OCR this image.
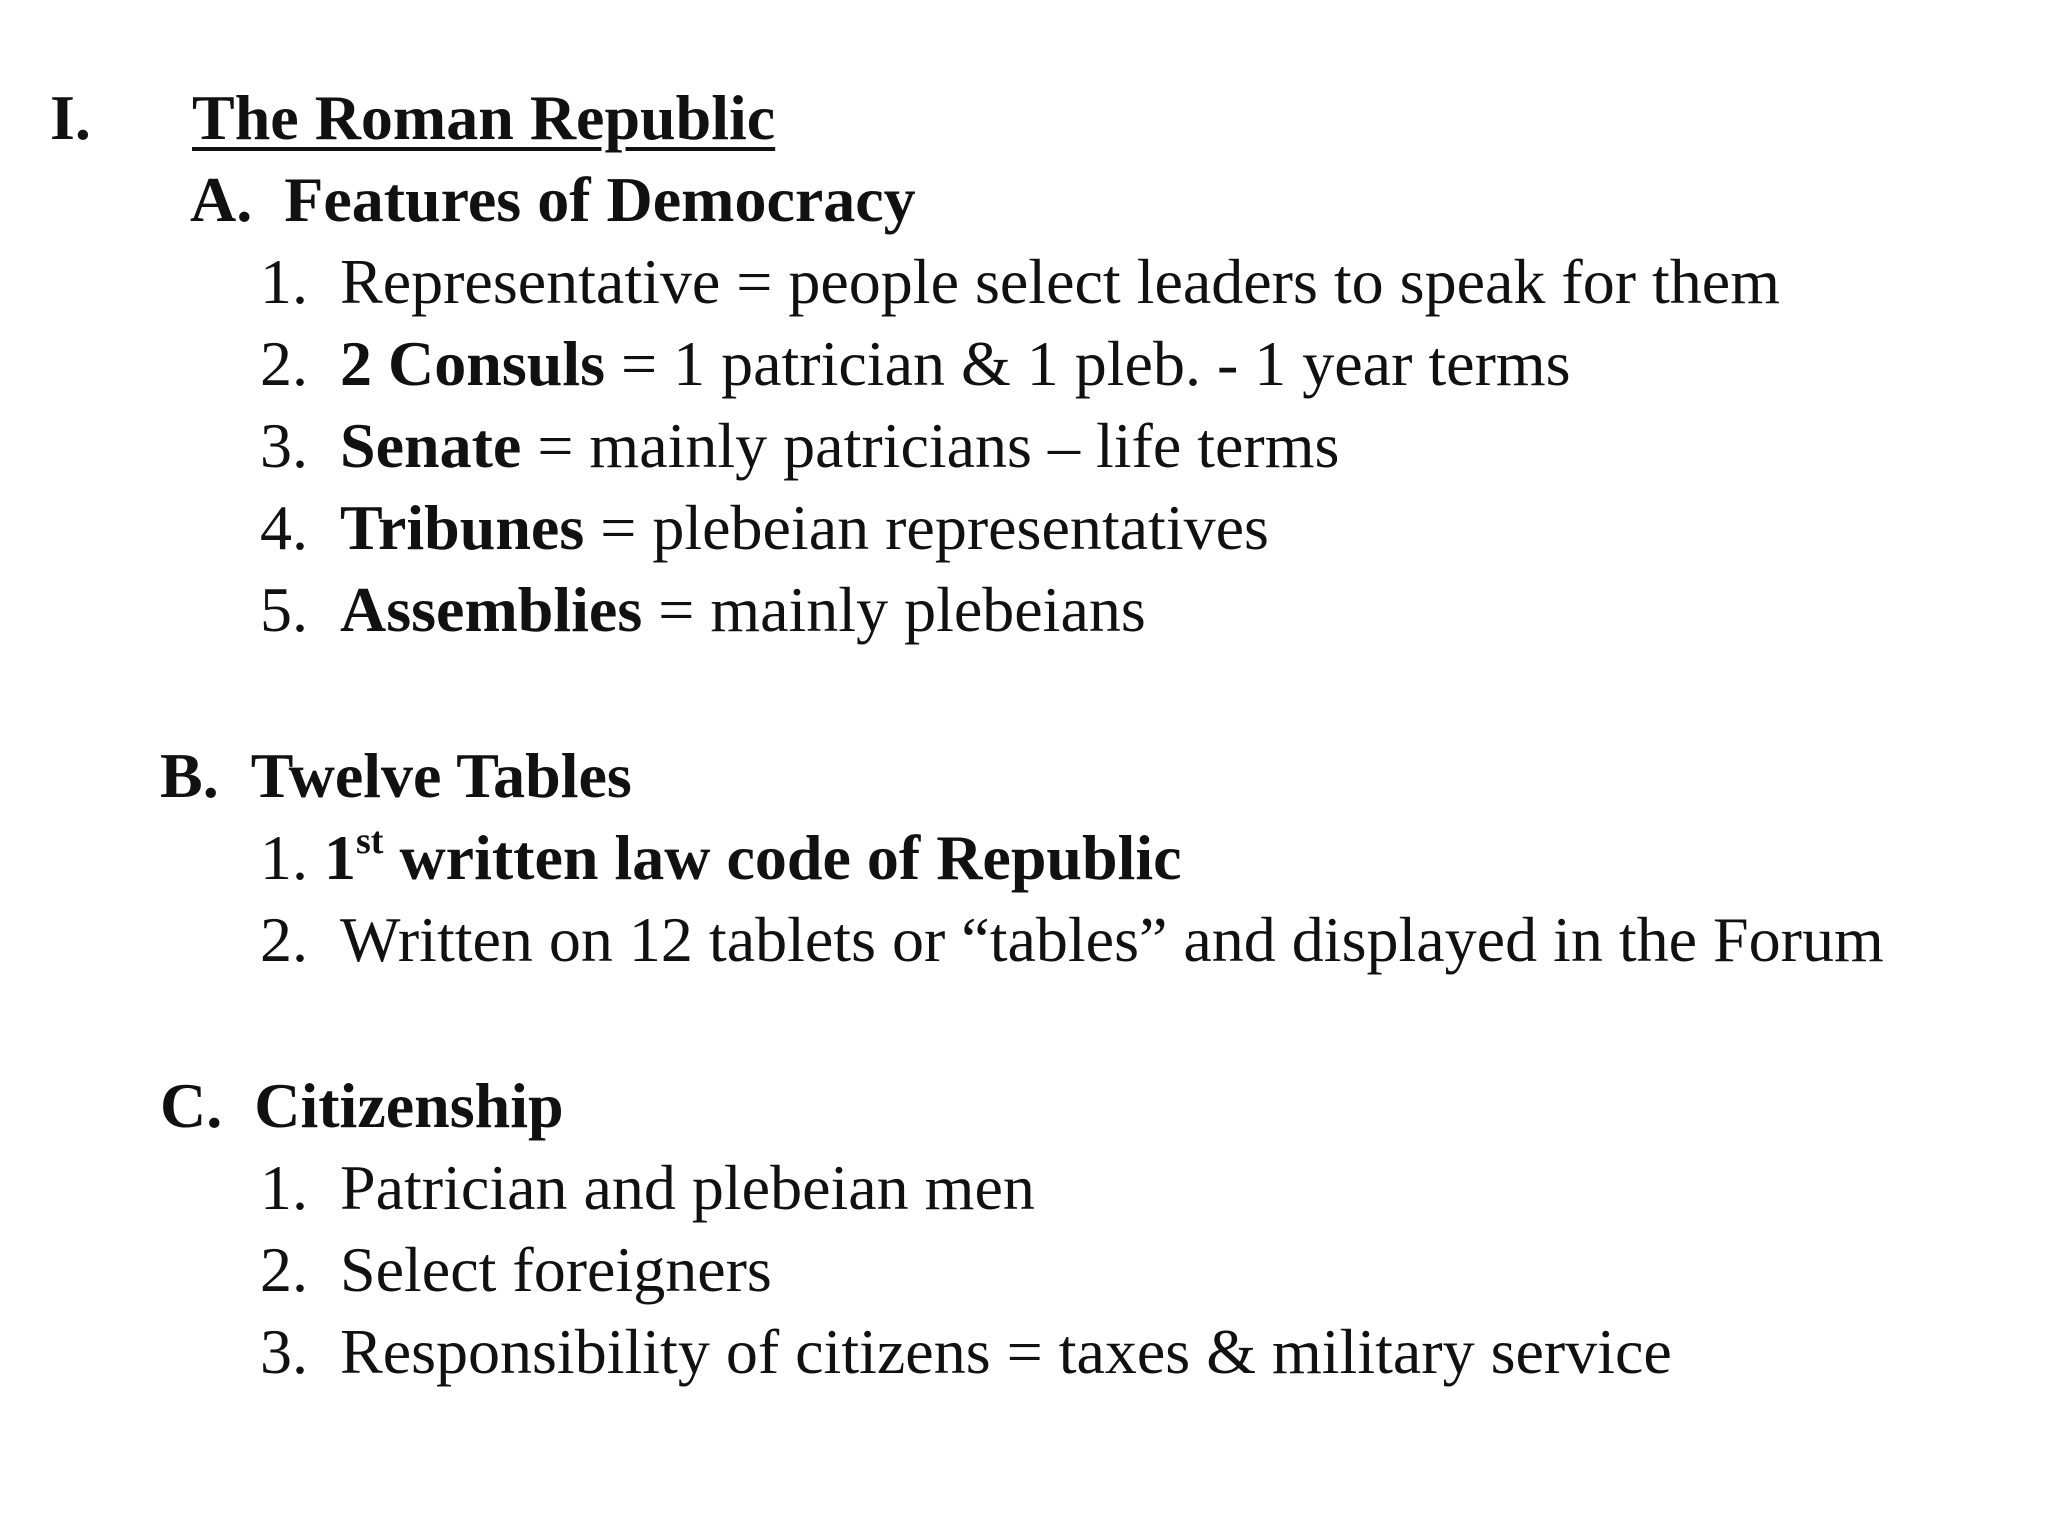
I. The Roman Republic
A. Features of Democracy
1. Representative = people select leaders to speak for them
2. 2 Consuls = 1 patrician & 1 pleb. - 1 year terms
3. Senate = mainly patricians – life terms
4. Tribunes = plebeian representatives
5. Assemblies = mainly plebeians
B. Twelve Tables
1. 1st written law code of Republic
2. Written on 12 tablets or “tables” and displayed in the Forum
C. Citizenship
1. Patrician and plebeian men
2. Select foreigners
3. Responsibility of citizens = taxes & military service
